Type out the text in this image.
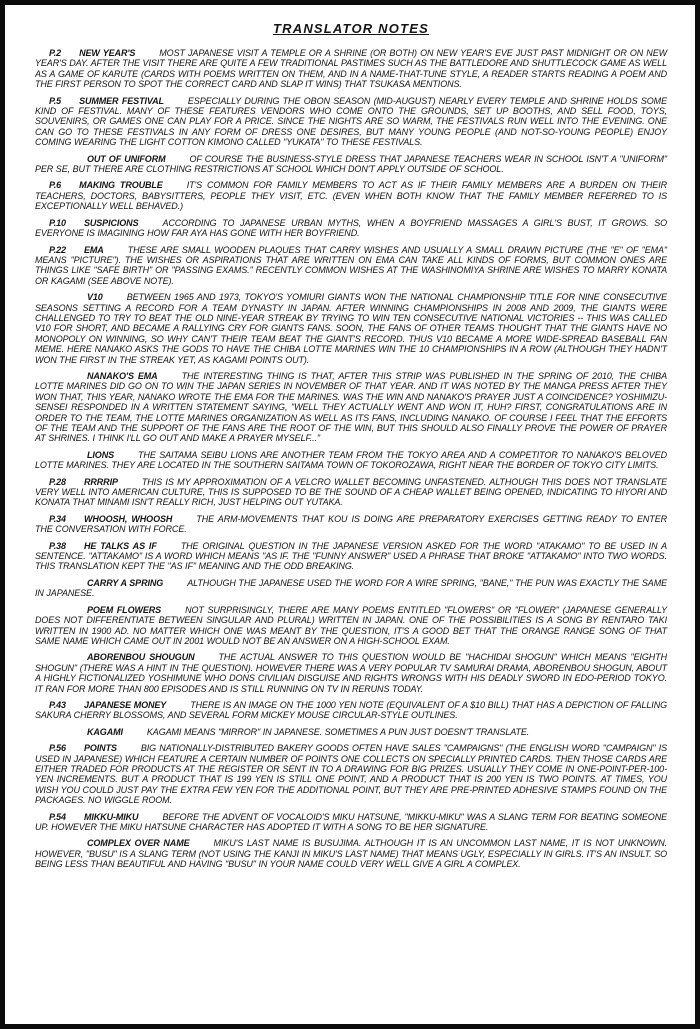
TRANSLATOR NOTES

P.2 NEW YEAR'S	MOST JAPANESE VISIT A TEMPLE OR A SHRINE (OR BOTH) ON NEW YEAR'S EVE JUST PAST MIDNIGHT OR ON NEW YEAR'S DAY. AFTER THE VISIT THERE ARE QUITE A FEW TRADITIONAL PASTIMES SUCH AS THE BATTLEDORE AND SHUTTLECOCK GAME AS WELL AS A GAME OF KARUTE (CARDS WITH POEMS WRITTEN ON THEM, AND IN A NAME-THAT-TUNE STYLE, A READER STARTS READING A POEM AND THE FIRST PERSON TO SPOT THE CORRECT CARD AND SLAP IT WINS) THAT TSUKASA MENTIONS.

P.5 SUMMER FESTIVAL	ESPECIALLY DURING THE OBON SEASON (MID-AUGUST) NEARLY EVERY TEMPLE AND SHRINE HOLDS SOME KIND OF FESTIVAL. MANY OF THESE FEATURES VENDORS WHO COME ONTO THE GROUNDS, SET UP BOOTHS, AND SELL FOOD, TOYS, SOUVENIRS, OR GAMES ONE CAN PLAY FOR A PRICE. SINCE THE NIGHTS ARE SO WARM, THE FESTIVALS RUN WELL INTO THE EVENING. ONE CAN GO TO THESE FESTIVALS IN ANY FORM OF DRESS ONE DESIRES, BUT MANY YOUNG PEOPLE (AND NOT-SO-YOUNG PEOPLE) ENJOY COMING WEARING THE LIGHT COTTON KIMONO CALLED "YUKATA" TO THESE FESTIVALS.

OUT OF UNIFORM	OF COURSE THE BUSINESS-STYLE DRESS THAT JAPANESE TEACHERS WEAR IN SCHOOL ISN'T A "UNIFORM" PER SE, BUT THERE ARE CLOTHING RESTRICTIONS AT SCHOOL WHICH DON'T APPLY OUTSIDE OF SCHOOL.

P.6 MAKING TROUBLE	IT'S COMMON FOR FAMILY MEMBERS TO ACT AS IF THEIR FAMILY MEMBERS ARE A BURDEN ON THEIR TEACHERS, DOCTORS, BABYSITTERS, PEOPLE THEY VISIT, ETC. (EVEN WHEN BOTH KNOW THAT THE FAMILY MEMBER REFERRED TO IS EXCEPTIONALLY WELL BEHAVED.)

P.10 SUSPICIONS	ACCORDING TO JAPANESE URBAN MYTHS, WHEN A BOYFRIEND MASSAGES A GIRL'S BUST, IT GROWS. SO EVERYONE IS IMAGINING HOW FAR AYA HAS GONE WITH HER BOYFRIEND.

P.22 EMA	THESE ARE SMALL WOODEN PLAQUES THAT CARRY WISHES AND USUALLY A SMALL DRAWN PICTURE (THE "E" OF "EMA" MEANS "PICTURE"). THE WISHES OR ASPIRATIONS THAT ARE WRITTEN ON EMA CAN TAKE ALL KINDS OF FORMS, BUT COMMON ONES ARE THINGS LIKE "SAFE BIRTH" OR "PASSING EXAMS." RECENTLY COMMON WISHES AT THE WASHINOMIYA SHRINE ARE WISHES TO MARRY KONATA OR KAGAMI (SEE ABOVE NOTE).

V10	BETWEEN 1965 AND 1973, TOKYO'S YOMIURI GIANTS WON THE NATIONAL CHAMPIONSHIP TITLE FOR NINE CONSECUTIVE SEASONS SETTING A RECORD FOR A TEAM DYNASTY IN JAPAN. AFTER WINNING CHAMPIONSHIPS IN 2008 AND 2009, THE GIANTS WERE CHALLENGED TO TRY TO BEAT THE OLD NINE-YEAR STREAK BY TRYING TO WIN TEN CONSECUTIVE NATIONAL VICTORIES -- THIS WAS CALLED V10 FOR SHORT, AND BECAME A RALLYING CRY FOR GIANTS FANS. SOON, THE FANS OF OTHER TEAMS THOUGHT THAT THE GIANTS HAVE NO MONOPOLY ON WINNING, SO WHY CAN'T THEIR TEAM BEAT THE GIANT'S RECORD. THUS V10 BECAME A MORE WIDE-SPREAD BASEBALL FAN MEME. HERE NANAKO ASKS THE GODS TO HAVE THE CHIBA LOTTE MARINES WIN THE 10 CHAMPIONSHIPS IN A ROW (ALTHOUGH THEY HADN'T WON THE FIRST IN THE STREAK YET, AS KAGAMI POINTS OUT).

NANAKO'S EMA	THE INTERESTING THING IS THAT, AFTER THIS STRIP WAS PUBLISHED IN THE SPRING OF 2010, THE CHIBA LOTTE MARINES DID GO ON TO WIN THE JAPAN SERIES IN NOVEMBER OF THAT YEAR. AND IT WAS NOTED BY THE MANGA PRESS AFTER THEY WON THAT, THIS YEAR, NANAKO WROTE THE EMA FOR THE MARINES. WAS THE WIN AND NANAKO'S PRAYER JUST A COINCIDENCE? YOSHIMIZU-SENSEI RESPONDED IN A WRITTEN STATEMENT SAYING, "WELL THEY ACTUALLY WENT AND WON IT, HUH? FIRST, CONGRATULATIONS ARE IN ORDER TO THE TEAM, THE LOTTE MARINES ORGANIZATION AS WELL AS ITS FANS, INCLUDING NANAKO. OF COURSE I FEEL THAT THE EFFORTS OF THE TEAM AND THE SUPPORT OF THE FANS ARE THE ROOT OF THE WIN, BUT THIS SHOULD ALSO FINALLY PROVE THE POWER OF PRAYER AT SHRINES. I THINK I'LL GO OUT AND MAKE A PRAYER MYSELF..."

LIONS	THE SAITAMA SEIBU LIONS ARE ANOTHER TEAM FROM THE TOKYO AREA AND A COMPETITOR TO NANAKO'S BELOVED LOTTE MARINES. THEY ARE LOCATED IN THE SOUTHERN SAITAMA TOWN OF TOKOROZAWA, RIGHT NEAR THE BORDER OF TOKYO CITY LIMITS.

P.28 RRRRIP	THIS IS MY APPROXIMATION OF A VELCRO WALLET BECOMING UNFASTENED. ALTHOUGH THIS DOES NOT TRANSLATE VERY WELL INTO AMERICAN CULTURE, THIS IS SUPPOSED TO BE THE SOUND OF A CHEAP WALLET BEING OPENED, INDICATING TO HIYORI AND KONATA THAT MINAMI ISN'T REALLY RICH, JUST HELPING OUT YUTAKA.

P.34 WHOOSH, WHOOSH	THE ARM-MOVEMENTS THAT KOU IS DOING ARE PREPARATORY EXERCISES GETTING READY TO ENTER THE CONVERSATION WITH FORCE.

P.38 HE TALKS AS IF	THE ORIGINAL QUESTION IN THE JAPANESE VERSION ASKED FOR THE WORD "ATAKAMO" TO BE USED IN A SENTENCE. "ATTAKAMO" IS A WORD WHICH MEANS "AS IF. THE "FUNNY ANSWER" USED A PHRASE THAT BROKE "ATTAKAMO" INTO TWO WORDS. THIS TRANSLATION KEPT THE "AS IF" MEANING AND THE ODD BREAKING.

CARRY A SPRING	ALTHOUGH THE JAPANESE USED THE WORD FOR A WIRE SPRING, "BANE," THE PUN WAS EXACTLY THE SAME IN JAPANESE.

POEM FLOWERS	NOT SURPRISINGLY, THERE ARE MANY POEMS ENTITLED "FLOWERS" OR "FLOWER" (JAPANESE GENERALLY DOES NOT DIFFERENTIATE BETWEEN SINGULAR AND PLURAL) WRITTEN IN JAPAN. ONE OF THE POSSIBILITIES IS A SONG BY RENTARO TAKI WRITTEN IN 1900 AD. NO MATTER WHICH ONE WAS MEANT BY THE QUESTION, IT'S A GOOD BET THAT THE ORANGE RANGE SONG OF THAT SAME NAME WHICH CAME OUT IN 2001 WOULD NOT BE AN ANSWER ON A HIGH-SCHOOL EXAM.

ABORENBOU SHOUGUN	THE ACTUAL ANSWER TO THIS QUESTION WOULD BE "HACHIDAI SHOGUN" WHICH MEANS "EIGHTH SHOGUN" (THERE WAS A HINT IN THE QUESTION). HOWEVER THERE WAS A VERY POPULAR TV SAMURAI DRAMA, ABORENBOU SHOGUN, ABOUT A HIGHLY FICTIONALIZED YOSHIMUNE WHO DONS CIVILIAN DISGUISE AND RIGHTS WRONGS WITH HIS DEADLY SWORD IN EDO-PERIOD TOKYO. IT RAN FOR MORE THAN 800 EPISODES AND IS STILL RUNNING ON TV IN RERUNS TODAY.

P.43 JAPANESE MONEY	THERE IS AN IMAGE ON THE 1000 YEN NOTE (EQUIVALENT OF A $10 BILL) THAT HAS A DEPICTION OF FALLING SAKURA CHERRY BLOSSOMS, AND SEVERAL FORM MICKEY MOUSE CIRCULAR-STYLE OUTLINES.

KAGAMI	KAGAMI MEANS "MIRROR" IN JAPANESE. SOMETIMES A PUN JUST DOESN'T TRANSLATE.

P.56 POINTS	BIG NATIONALLY-DISTRIBUTED BAKERY GOODS OFTEN HAVE SALES "CAMPAIGNS" (THE ENGLISH WORD "CAMPAIGN" IS USED IN JAPANESE) WHICH FEATURE A CERTAIN NUMBER OF POINTS ONE COLLECTS ON SPECIALLY PRINTED CARDS. THEN THOSE CARDS ARE EITHER TRADED FOR PRODUCTS AT THE REGISTER OR SENT IN TO A DRAWING FOR BIG PRIZES. USUALLY THEY COME IN ONE-POINT-PER-100-YEN INCREMENTS. BUT A PRODUCT THAT IS 199 YEN IS STILL ONE POINT, AND A PRODUCT THAT IS 200 YEN IS TWO POINTS. AT TIMES, YOU WISH YOU COULD JUST PAY THE EXTRA FEW YEN FOR THE ADDITIONAL POINT, BUT THEY ARE PRE-PRINTED ADHESIVE STAMPS FOUND ON THE PACKAGES. NO WIGGLE ROOM.

P.54 MIKKU-MIKU	BEFORE THE ADVENT OF VOCALOID'S MIKU HATSUNE, "MIKKU-MIKU" WAS A SLANG TERM FOR BEATING SOMEONE UP. HOWEVER THE MIKU HATSUNE CHARACTER HAS ADOPTED IT WITH A SONG TO BE HER SIGNATURE.

COMPLEX OVER NAME	MIKU'S LAST NAME IS BUSUJIMA. ALTHOUGH IT IS AN UNCOMMON LAST NAME, IT IS NOT UNKNOWN. HOWEVER, "BUSU" IS A SLANG TERM (NOT USING THE KANJI IN MIKU'S LAST NAME) THAT MEANS UGLY, ESPECIALLY IN GIRLS. IT'S AN INSULT. SO BEING LESS THAN BEAUTIFUL AND HAVING "BUSU" IN YOUR NAME COULD VERY WELL GIVE A GIRL A COMPLEX.
